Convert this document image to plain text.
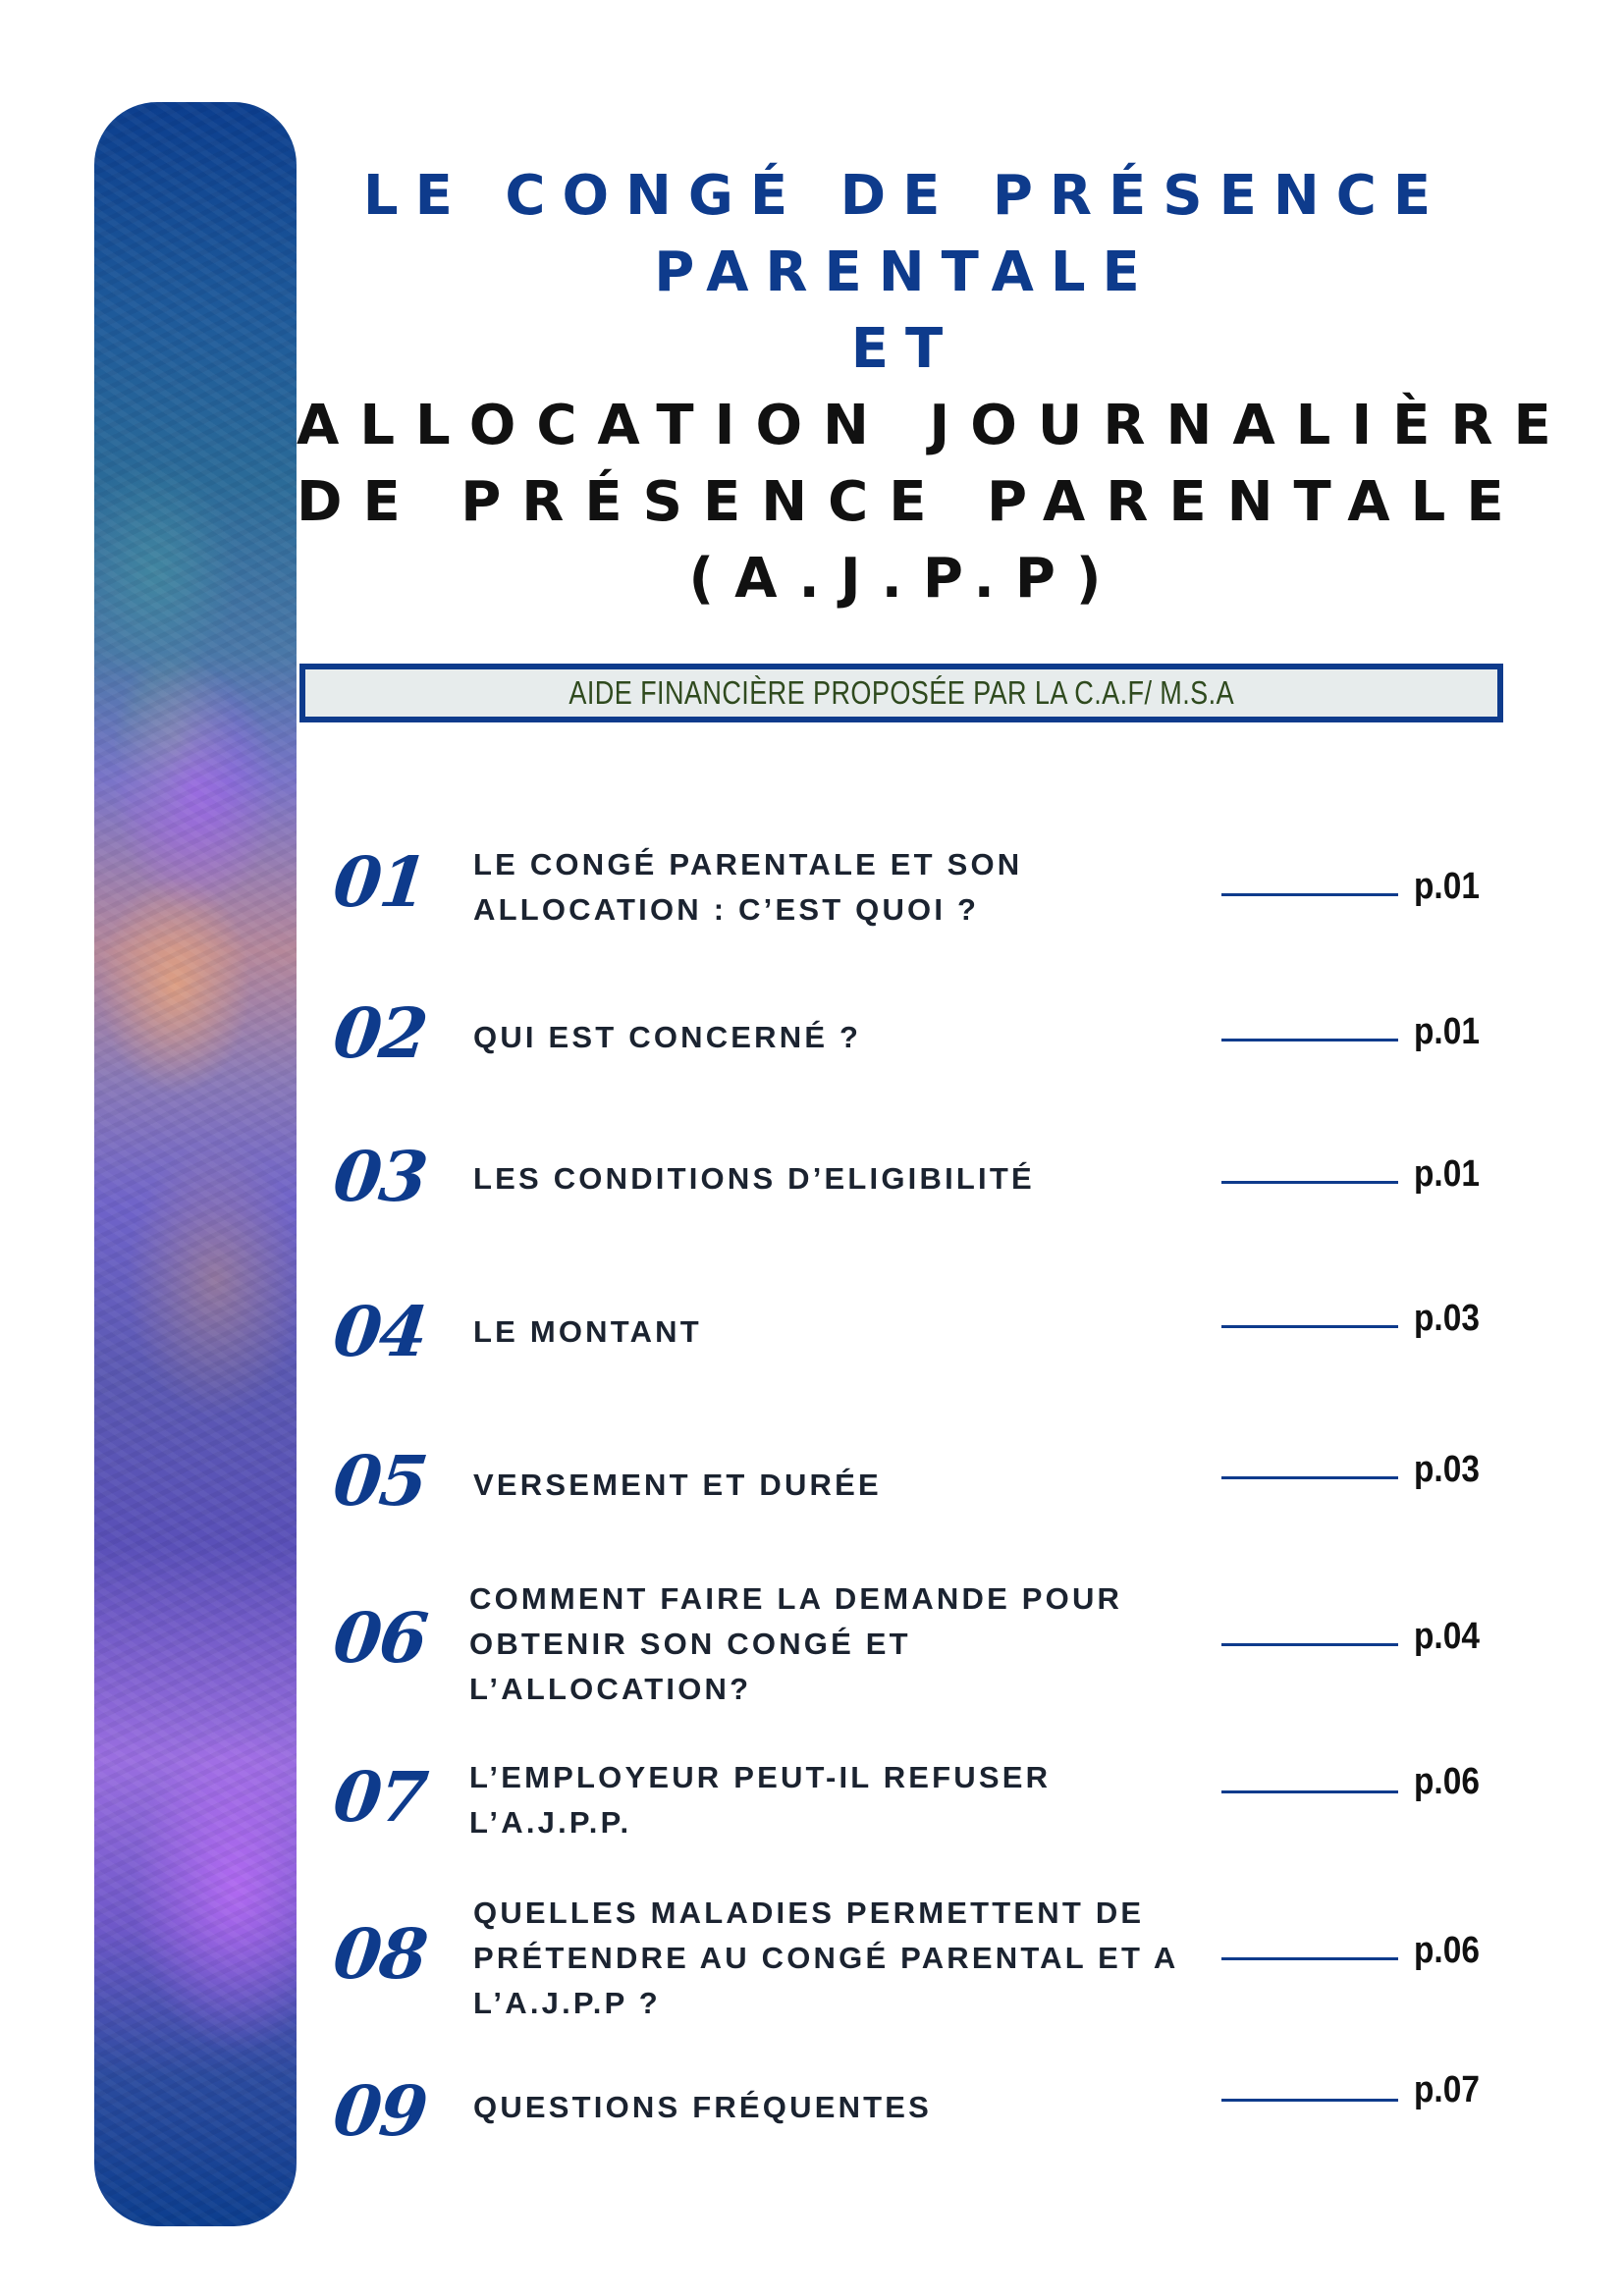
LE CONGÉ DE PRÉSENCE
PARENTALE
ET
ALLOCATION JOURNALIÈRE
DE PRÉSENCE PARENTALE
(A.J.P.P)
AIDE FINANCIÈRE PROPOSÉE PAR LA C.A.F/ M.S.A
01 LE CONGÉ PARENTALE ET SON
ALLOCATION : C’EST QUOI ?
p.01
02 QUI EST CONCERNÉ ?	p.01
03 LES CONDITIONS D’ELIGIBILITÉ	p.01
04 LE MONTANT	p.03
05 VERSEMENT ET DURÉE	p.03
06 COMMENT FAIRE LA DEMANDE POUR
OBTENIR SON CONGÉ ET
L’ALLOCATION?
p.04
07 L’EMPLOYEUR PEUT-IL REFUSER
L’A.J.P.P.
p.06
08
QUELLES MALADIES PERMETTENT DE
PRÉTENDRE AU CONGÉ PARENTAL ET A
L’A.J.P.P ?
p.06
09 QUESTIONS FRÉQUENTES	p.07
